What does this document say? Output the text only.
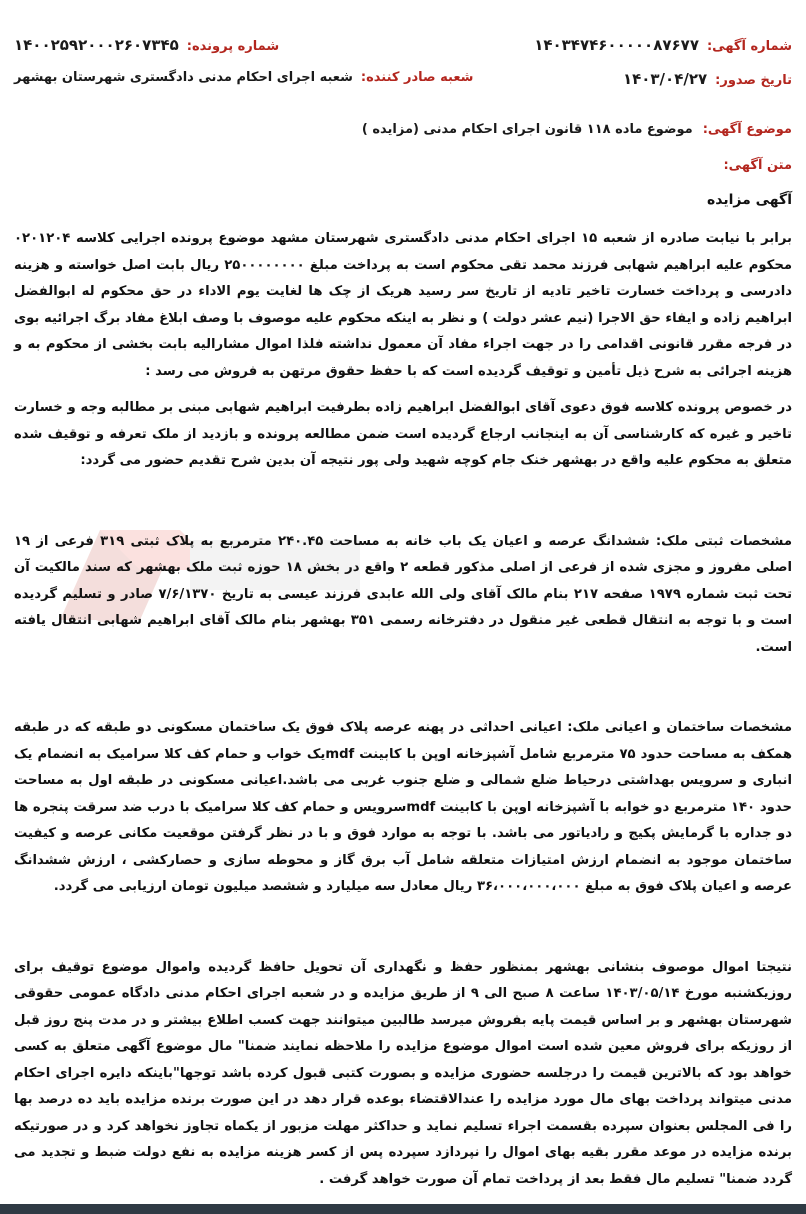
شماره آگهی:
۱۴۰۳۴۷۴۶۰۰۰۰۰۸۷۶۷۷
شماره پرونده:
۱۴۰۰۲۵۹۲۰۰۰۲۶۰۷۳۴۵
تاریخ صدور:
۱۴۰۳/۰۴/۲۷
شعبه صادر کننده:
شعبه اجرای احکام مدنی دادگستری شهرستان بهشهر
موضوع آگهی:
موضوع ماده ۱۱۸ قانون اجرای احکام مدنی (مزایده )
متن آگهی:
آگهی مزایده

برابر با نیابت صادره از شعبه ۱۵ اجرای احکام مدنی دادگستری شهرستان مشهد موضوع پرونده اجرایی کلاسه ۰۲۰۱۲۰۴ محکوم علیه ابراهیم شهابی فرزند محمد تقی محکوم است به پرداخت مبلغ ۲۵۰۰۰۰۰۰۰۰ ریال بابت اصل خواسته و هزینه دادرسی و پرداخت خسارت تاخیر تادیه از تاریخ سر رسید هریک از چک ها لغایت یوم الاداء در حق محکوم له ابوالفضل ابراهیم زاده و ایفاء حق الاجرا (نیم عشر دولت ) و نظر به اینکه محکوم علیه موصوف با وصف ابلاغ مفاد برگ اجرائیه بوی در فرجه مقرر قانونی اقدامی را در جهت اجراء مفاد آن معمول نداشته فلذا اموال مشاراليه بابت بخشی از محکوم به و هزینه اجرائی به شرح ذیل تأمین و توقیف گردیده است که با حفظ حقوق مرتهن به فروش می رسد :

در خصوص پرونده کلاسه فوق دعوی آقای ابوالفضل ابراهیم زاده بطرفیت ابراهیم شهابی مبنی بر مطالبه وجه و خسارت تاخیر و غیره که کارشناسی آن به اینجانب ارجاع گردیده است ضمن مطالعه پرونده و بازدید از ملک تعرفه و توقیف شده متعلق به محکوم علیه واقع در بهشهر خنک جام کوچه شهید ولی پور نتیجه آن بدین شرح تقدیم حضور می گردد:

مشخصات ثبتی ملک: ششدانگ عرصه و اعیان یک باب خانه به مساحت ۲۴۰.۴۵ مترمربع به پلاک ثبتی ۳۱۹ فرعی از ۱۹ اصلی مفروز و مجزی شده از فرعی از اصلی مذکور قطعه ۲ واقع در بخش ۱۸ حوزه ثبت ملک بهشهر که سند مالکیت آن تحت ثبت شماره ۱۹۷۹ صفحه ۲۱۷ بنام مالک آقای ولی الله عابدی فرزند عیسی به تاریخ ۷/۶/۱۳۷۰ صادر و تسلیم گردیده است و با توجه به انتقال قطعی غیر منقول در دفترخانه رسمی ۳۵۱ بهشهر بنام مالک آقای ابراهیم شهابی انتقال یافته است.

مشخصات ساختمان و اعیانی ملک: اعیانی احداثی در پهنه عرصه پلاک فوق یک ساختمان مسکونی دو طبقه که در طبقه همکف به مساحت حدود ۷۵ مترمربع شامل آشپزخانه اوپن با کابینت mdfیک خواب و حمام کف کلا سرامیک به انضمام یک انباری و سرویس بهداشتی درحیاط ضلع شمالی و ضلع جنوب غربی می باشد.اعیانی مسکونی در طبقه اول به مساحت حدود ۱۴۰ مترمربع دو خوابه با آشپزخانه اوپن با کابینت mdfسرویس و حمام کف کلا سرامیک با درب ضد سرقت پنجره ها دو جداره با گرمایش پکیج و رادیاتور می باشد. با توجه به موارد فوق و با در نظر گرفتن موقعیت مکانی عرصه و کیفیت ساختمان موجود به انضمام ارزش امتیازات متعلقه شامل آب برق گاز و محوطه سازی و حصارکشی ، ارزش ششدانگ عرصه و اعیان پلاک فوق به مبلغ ۳۶،۰۰۰،۰۰۰،۰۰۰ ریال معادل سه میلیارد و ششصد میلیون تومان ارزیابی می گردد.

نتیجتا اموال موصوف بنشانی بهشهر بمنظور حفظ و نگهداری آن تحویل حافظ گردیده واموال موضوع توقیف برای روزیکشنبه مورخ ۱۴۰۳/۰۵/۱۴ ساعت ۸ صبح الی ۹ از طریق مزایده و در شعبه اجرای احکام مدنی دادگاه عمومی حقوقی شهرستان بهشهر و بر اساس قیمت پایه بفروش میرسد طالبین میتوانند جهت کسب اطلاع بیشتر و در مدت پنج روز قبل از روزیکه برای فروش معین شده است اموال موضوع مزایده را ملاحظه نمایند ضمنا" مال موضوع آگهی متعلق به کسی خواهد بود که بالاترین قیمت را درجلسه حضوری مزایده و بصورت کتبی قبول کرده باشد توجها"باینکه دایره اجرای احکام مدنی میتواند پرداخت بهای مال مورد مزایده را عندالاقتضاء بوعده قرار دهد در این صورت برنده مزایده باید ده درصد بها را فی المجلس بعنوان سپرده بقسمت اجراء تسلیم نماید و حداکثر مهلت مزبور از یکماه تجاوز نخواهد کرد و در صورتیکه برنده مزایده در موعد مقرر بقیه بهای اموال را نپردازد سپرده پس از کسر هزینه مزایده به نفع دولت ضبط و تجدید می گردد ضمنا" تسلیم مال فقط بعد از پرداخت تمام آن صورت خواهد گرفت .
